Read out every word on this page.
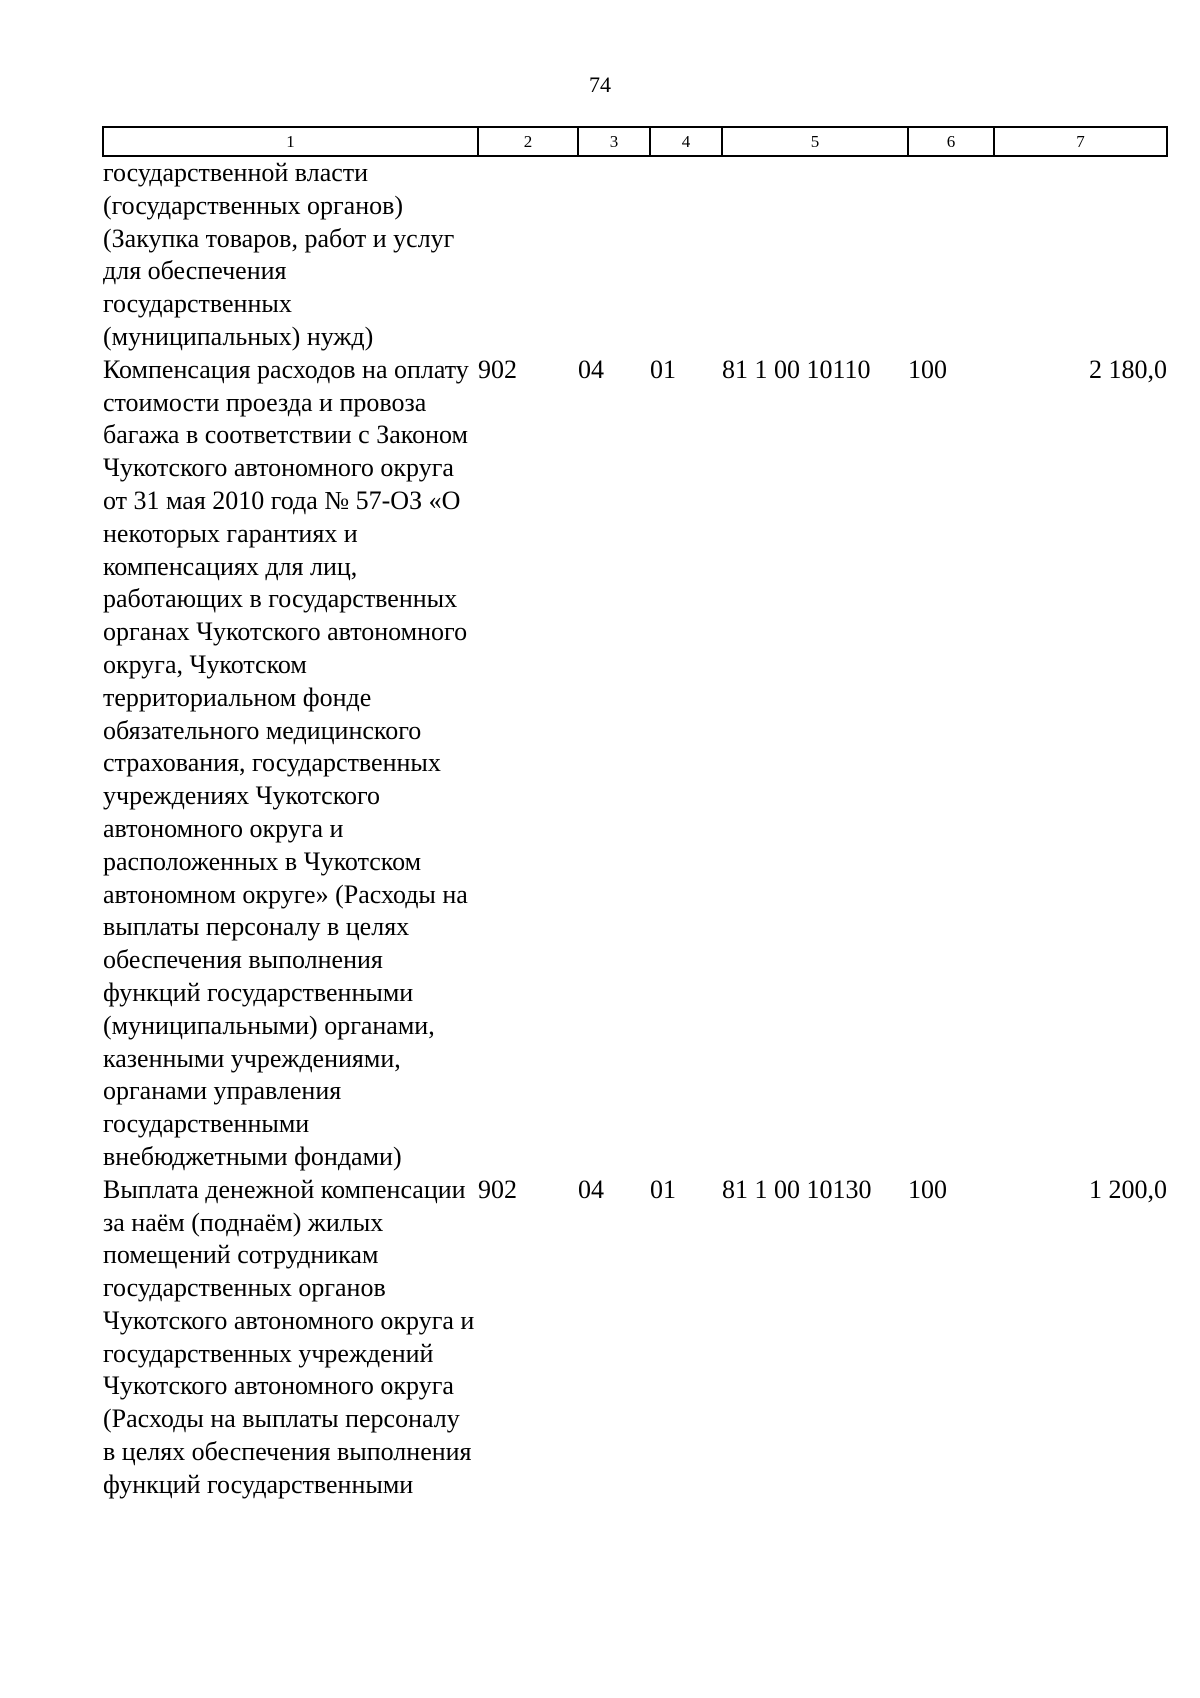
74
1	2	3	4	5	6	7
государственной власти (государственных органов) (Закупка товаров, работ и услуг для обеспечения государственных (муниципальных) нужд)						
Компенсация расходов на оплату стоимости проезда и провоза багажа в соответствии с Законом Чукотского автономного округа от 31 мая 2010 года № 57-ОЗ «О некоторых гарантиях и компенсациях для лиц, работающих в государственных органах Чукотского автономного округа, Чукотском территориальном фонде обязательного медицинского страхования, государственных учреждениях Чукотского автономного округа и расположенных в Чукотском автономном округе» (Расходы на выплаты персоналу в целях обеспечения выполнения функций государственными (муниципальными) органами, казенными учреждениями, органами управления государственными внебюджетными фондами)	902	04	01	81 1 00 10110	100	2 180,0
Выплата денежной компенсации за наём (поднаём) жилых помещений сотрудникам государственных органов Чукотского автономного округа и государственных учреждений Чукотского автономного округа (Расходы на выплаты персоналу в целях обеспечения выполнения функций государственными	902	04	01	81 1 00 10130	100	1 200,0
